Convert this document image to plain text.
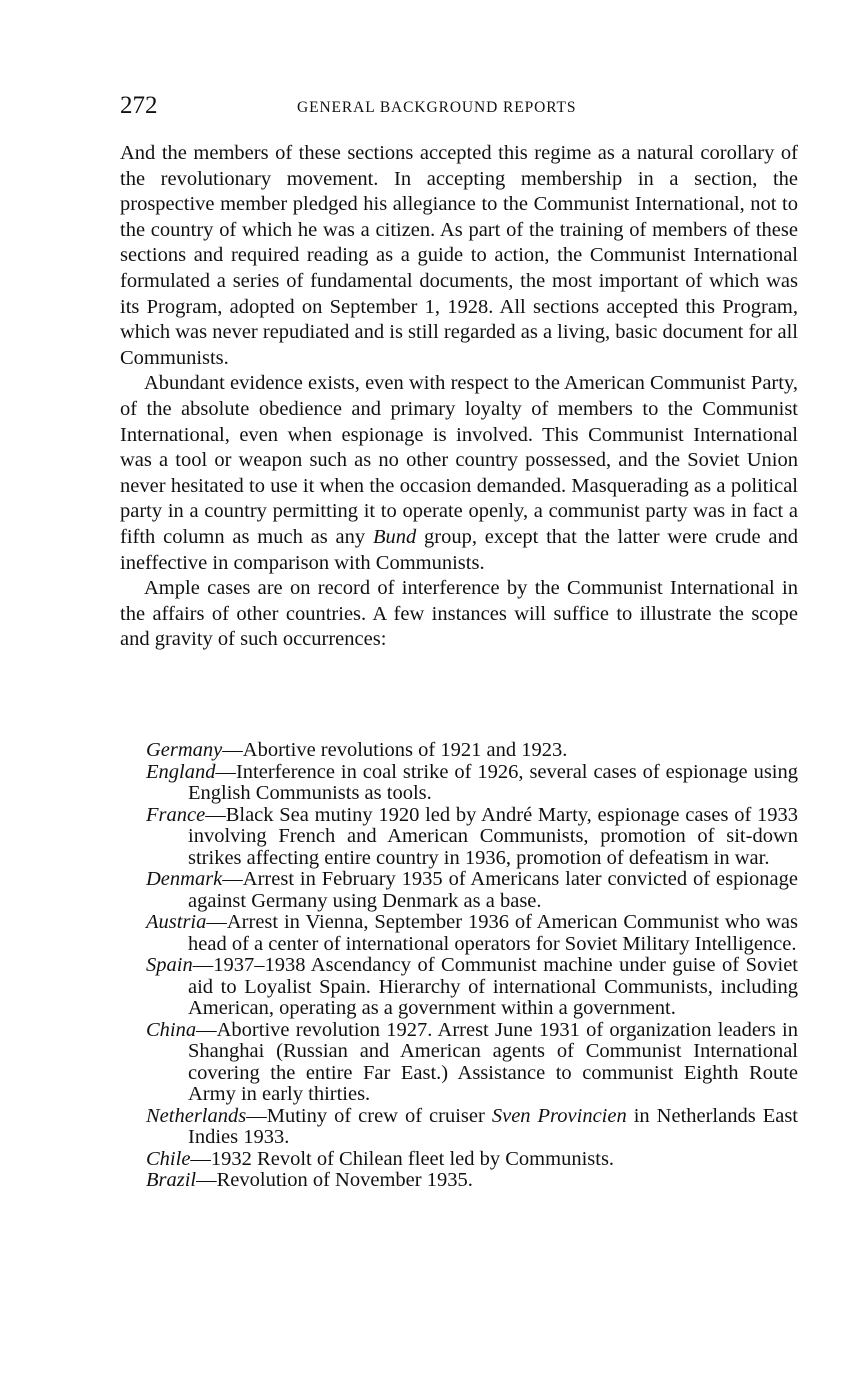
272	GENERAL BACKGROUND REPORTS

And the members of these sections accepted this regime as a natural corollary of the revolutionary movement. In accepting membership in a section, the prospective member pledged his allegiance to the Communist International, not to the country of which he was a citizen. As part of the training of members of these sections and required reading as a guide to action, the Communist International formulated a series of fundamental documents, the most important of which was its Program, adopted on September 1, 1928. All sections accepted this Program, which was never repudiated and is still regarded as a living, basic document for all Communists.

Abundant evidence exists, even with respect to the American Communist Party, of the absolute obedience and primary loyalty of members to the Communist International, even when espionage is involved. This Communist International was a tool or weapon such as no other country possessed, and the Soviet Union never hesitated to use it when the occasion demanded. Masquerading as a political party in a country permitting it to operate openly, a communist party was in fact a fifth column as much as any Bund group, except that the latter were crude and ineffective in comparison with Communists.

Ample cases are on record of interference by the Communist International in the affairs of other countries. A few instances will suffice to illustrate the scope and gravity of such occurrences:

Germany — Abortive revolutions of 1921 and 1923.
England — Interference in coal strike of 1926, several cases of espionage using English Communists as tools.
France — Black Sea mutiny 1920 led by André Marty, espionage cases of 1933 involving French and American Communists, promotion of sit-down strikes affecting entire country in 1936, promotion of defeatism in war.
Denmark — Arrest in February 1935 of Americans later convicted of espionage against Germany using Denmark as a base.
Austria — Arrest in Vienna, September 1936 of American Communist who was head of a center of international operators for Soviet Military Intelligence.
Spain — 1937–1938 Ascendancy of Communist machine under guise of Soviet aid to Loyalist Spain. Hierarchy of international Communists, including American, operating as a government within a government.
China — Abortive revolution 1927. Arrest June 1931 of organization leaders in Shanghai (Russian and American agents of Communist International covering the entire Far East.) Assistance to communist Eighth Route Army in early thirties.
Netherlands — Mutiny of crew of cruiser Sven Provincien in Netherlands East Indies 1933.
Chile — 1932 Revolt of Chilean fleet led by Communists.
Brazil — Revolution of November 1935.
